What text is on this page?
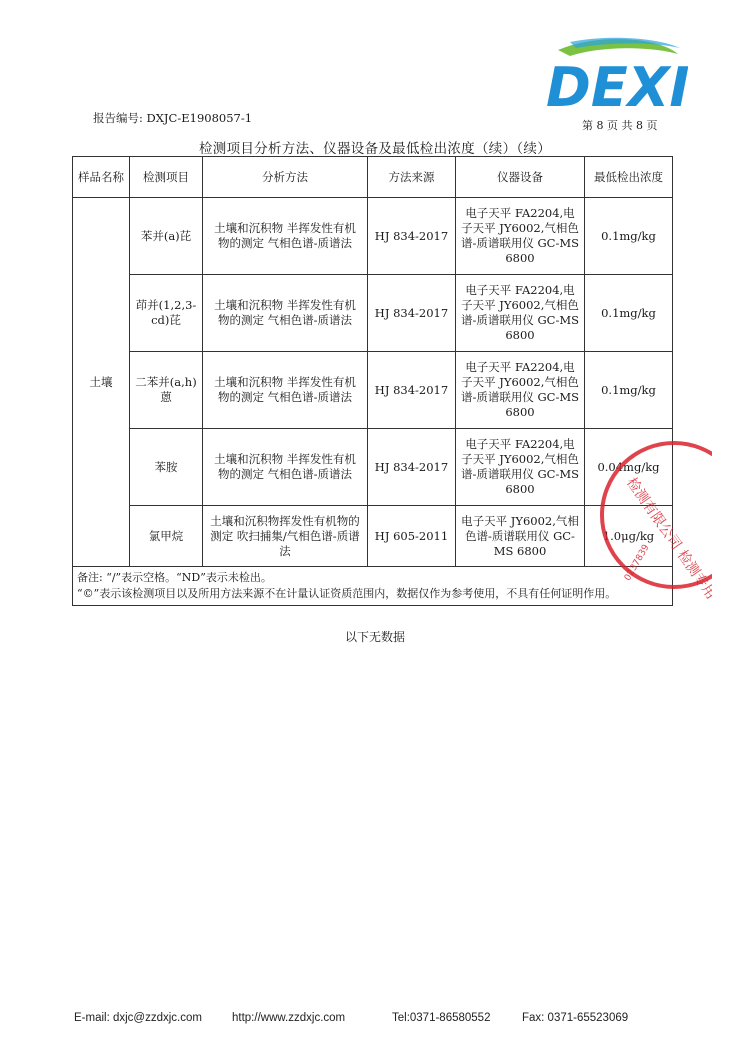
DEXI
报告编号: DXJC-E1908057-1
第 8 页 共 8 页
检测项目分析方法、仪器设备及最低检出浓度（续）（续）
样品名称	检测项目	分析方法	方法来源	仪器设备	最低检出浓度
土壤	苯并(a)芘	土壤和沉积物 半挥发性有机物的测定 气相色谱-质谱法	HJ 834-2017	电子天平 FA2204,电子天平 JY6002,气相色谱-质谱联用仪 GC-MS 6800	0.1mg/kg
	茚并(1,2,3-cd)芘	土壤和沉积物 半挥发性有机物的测定 气相色谱-质谱法	HJ 834-2017	电子天平 FA2204,电子天平 JY6002,气相色谱-质谱联用仪 GC-MS 6800	0.1mg/kg
	二苯并(a,h)蒽	土壤和沉积物 半挥发性有机物的测定 气相色谱-质谱法	HJ 834-2017	电子天平 FA2204,电子天平 JY6002,气相色谱-质谱联用仪 GC-MS 6800	0.1mg/kg
	苯胺	土壤和沉积物 半挥发性有机物的测定 气相色谱-质谱法	HJ 834-2017	电子天平 FA2204,电子天平 JY6002,气相色谱-质谱联用仪 GC-MS 6800	0.04mg/kg
	氯甲烷	土壤和沉积物挥发性有机物的测定 吹扫捕集/气相色谱-质谱法	HJ 605-2011	电子天平 JY6002,气相色谱-质谱联用仪 GC-MS 6800	1.0μg/kg

备注: “/”表示空格。“ND”表示未检出。
“©”表示该检测项目以及所用方法来源不在计量认证资质范围内，数据仅作为参考使用，不具有任何证明作用。					
以下无数据
检测有限公司 检测专用章
0237839
E-mail: dxjc@zzdxjc.com	http://www.zzdxjc.com	Tel:0371-86580552	Fax: 0371-65523069
